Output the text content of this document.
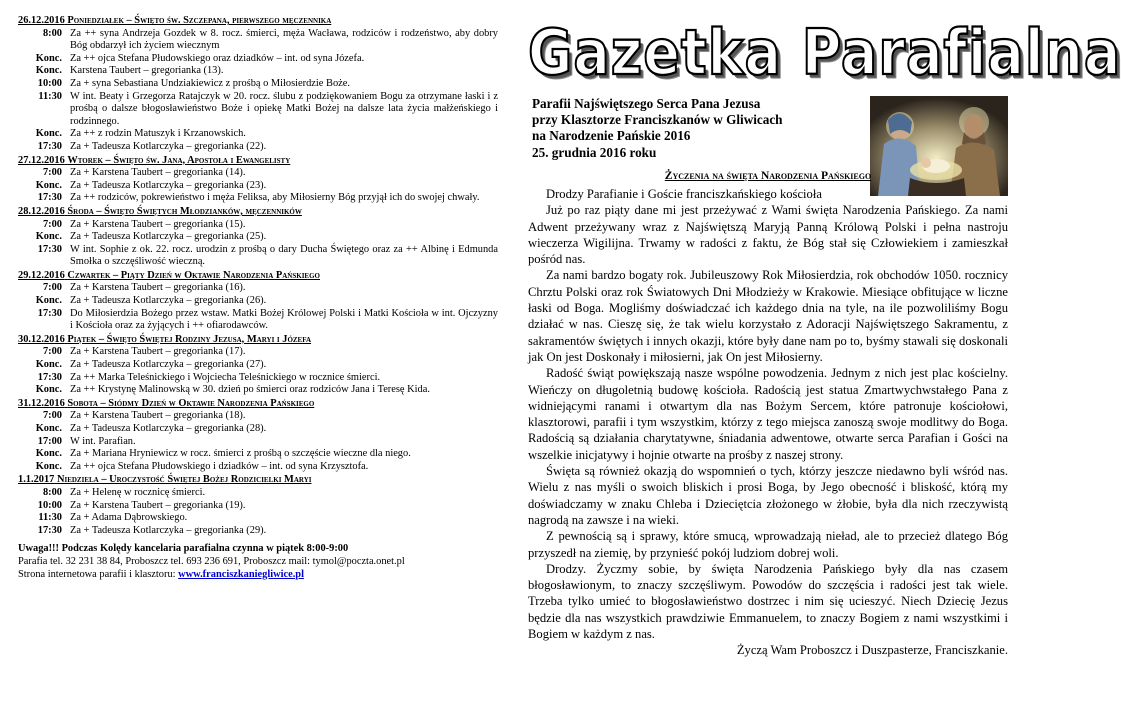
26.12.2016 Poniedziałek – Święto św. Szczepana, pierwszego męczennika
8:00 Za ++ syna Andrzeja Gozdek w 8. rocz. śmierci, męża Wacława, rodziców i rodzeństwo, aby dobry Bóg obdarzył ich życiem wiecznym
Konc. Za ++ ojca Stefana Płudowskiego oraz dziadków – int. od syna Józefa.
Konc. Karstena Taubert – gregorianka (13).
10:00 Za + syna Sebastiana Undziakiewicz z prośbą o Miłosierdzie Boże.
11:30 W int. Beaty i Grzegorza Ratajczyk w 20. rocz. ślubu z podziękowaniem Bogu za otrzymane łaski i z prośbą o dalsze błogosławieństwo Boże i opiekę Matki Bożej na dalsze lata życia małżeńskiego i rodzinnego.
Konc. Za ++ z rodzin Matuszyk i Krzanowskich.
17:30 Za + Tadeusza Kotlarczyka – gregorianka (22).
27.12.2016 Wtorek – Święto św. Jana, Apostoła i Ewangelisty
7:00 Za + Karstena Taubert – gregorianka (14).
Konc. Za + Tadeusza Kotlarczyka – gregorianka (23).
17:30 Za ++ rodziców, pokrewieństwo i męża Feliksa, aby Miłosierny Bóg przyjął ich do swojej chwały.
28.12.2016 Środa – Święto Świętych Młodzianków, męczenników
7:00 Za + Karstena Taubert – gregorianka (15).
Konc. Za + Tadeusza Kotlarczyka – gregorianka (25).
17:30 W int. Sophie z ok. 22. rocz. urodzin z prośbą o dary Ducha Świętego oraz za ++ Albinę i Edmunda Smołka o szczęśliwość wieczną.
29.12.2016 Czwartek – Piąty Dzień w Oktawie Narodzenia Pańskiego
7:00 Za + Karstena Taubert – gregorianka (16).
Konc. Za + Tadeusza Kotlarczyka – gregorianka (26).
17:30 Do Miłosierdzia Bożego przez wstaw. Matki Bożej Królowej Polski i Matki Kościoła w int. Ojczyzny i Kościoła oraz za żyjących i ++ ofiarodawców.
30.12.2016 Piątek – Święto Świętej Rodziny Jezusa, Maryi i Józefa
7:00 Za + Karstena Taubert – gregorianka (17).
Konc. Za + Tadeusza Kotlarczyka – gregorianka (27).
17:30 Za ++ Marka Teleśnickiego i Wojciecha Teleśnickiego w rocznice śmierci.
Konc. Za ++ Krystynę Malinowską w 30. dzień po śmierci oraz rodziców Jana i Teresę Kida.
31.12.2016 Sobota – Siódmy Dzień w Oktawie Narodzenia Pańskiego
7:00 Za + Karstena Taubert – gregorianka (18).
Konc. Za + Tadeusza Kotlarczyka – gregorianka (28).
17:00 W int. Parafian.
Konc. Za + Mariana Hryniewicz w rocz. śmierci z prośbą o szczęście wieczne dla niego.
Konc. Za ++ ojca Stefana Płudowskiego i dziadków – int. od syna Krzysztofa.
1.1.2017 Niedziela – Uroczystość Świętej Bożej Rodzicielki Maryi
8:00 Za + Helenę w rocznicę śmierci.
10:00 Za + Karstena Taubert – gregorianka (19).
11:30 Za + Adama Dąbrowskiego.
17:30 Za + Tadeusza Kotlarczyka – gregorianka (29).
Uwaga!!! Podczas Kolędy kancelaria parafialna czynna w piątek 8:00-9:00
Parafia tel. 32 231 38 84, Proboszcz tel. 693 236 691, Proboszcz mail: tymol@poczta.onet.pl
Strona internetowa parafii i klasztoru: www.franciszkaniegliwice.pl
Gazetka Parafialna
Parafii Najświętszego Serca Pana Jezusa
przy Klasztorze Franciszkanów w Gliwicach
na Narodzenie Pańskie 2016
25. grudnia 2016 roku
Życzenia na święta Narodzenia Pańskiego

Drodzy Parafianie i Goście franciszkańskiego kościoła

Już po raz piąty dane mi jest przeżywać z Wami święta Narodzenia Pańskiego. Za nami Adwent przeżywany wraz z Najświętszą Maryją Panną Królową Polski i pełna nastroju wieczerza Wigilijna. Trwamy w radości z faktu, że Bóg stał się Człowiekiem i zamieszkał pośród nas.

Za nami bardzo bogaty rok. Jubileuszowy Rok Miłosierdzia, rok obchodów 1050. rocznicy Chrztu Polski oraz rok Światowych Dni Młodzieży w Krakowie. Miesiące obfitujące w liczne łaski od Boga. Mogliśmy doświadczać ich każdego dnia na tyle, na ile pozwoliliśmy Bogu działać w nas. Cieszę się, że tak wielu korzystało z Adoracji Najświętszego Sakramentu, z sakramentów świętych i innych okazji, które były dane nam po to, byśmy stawali się doskonali jak On jest Doskonały i miłosierni, jak On jest Miłosierny.

Radość świąt powiększają nasze wspólne powodzenia. Jednym z nich jest plac kościelny. Wieńczy on długoletnią budowę kościoła. Radością jest statua Zmartwychwstałego Pana z widniejącymi ranami i otwartym dla nas Bożym Sercem, które patronuje kościołowi, klasztorowi, parafii i tym wszystkim, którzy z tego miejsca zanoszą swoje modlitwy do Boga. Radością są działania charytatywne, śniadania adwentowe, otwarte serca Parafian i Gości na wszelkie inicjatywy i hojnie otwarte na prośby z naszej strony.

Święta są również okazją do wspomnień o tych, którzy jeszcze niedawno byli wśród nas. Wielu z nas myśli o swoich bliskich i prosi Boga, by Jego obecność i bliskość, którą my doświadczamy w znaku Chleba i Dzieciętcia złożonego w żłobie, była dla nich rzeczywistą nagrodą na zawsze i na wieki.

Z pewnością są i sprawy, które smucą, wprowadzają nieład, ale to przecież dlatego Bóg przyszedł na ziemię, by przynieść pokój ludziom dobrej woli.

Drodzy. Życzmy sobie, by święta Narodzenia Pańskiego były dla nas czasem błogosławionym, to znaczy szczęśliwym. Powodów do szczęścia i radości jest tak wiele. Trzeba tylko umieć to błogosławieństwo dostrzec i nim się ucieszyć. Niech Dziecię Jezus będzie dla nas wszystkich prawdziwie Emmanuelem, to znaczy Bogiem z nami wszystkimi i Bogiem w każdym z nas.

Życzą Wam Proboszcz i Duszpasterze, Franciszkanie.
